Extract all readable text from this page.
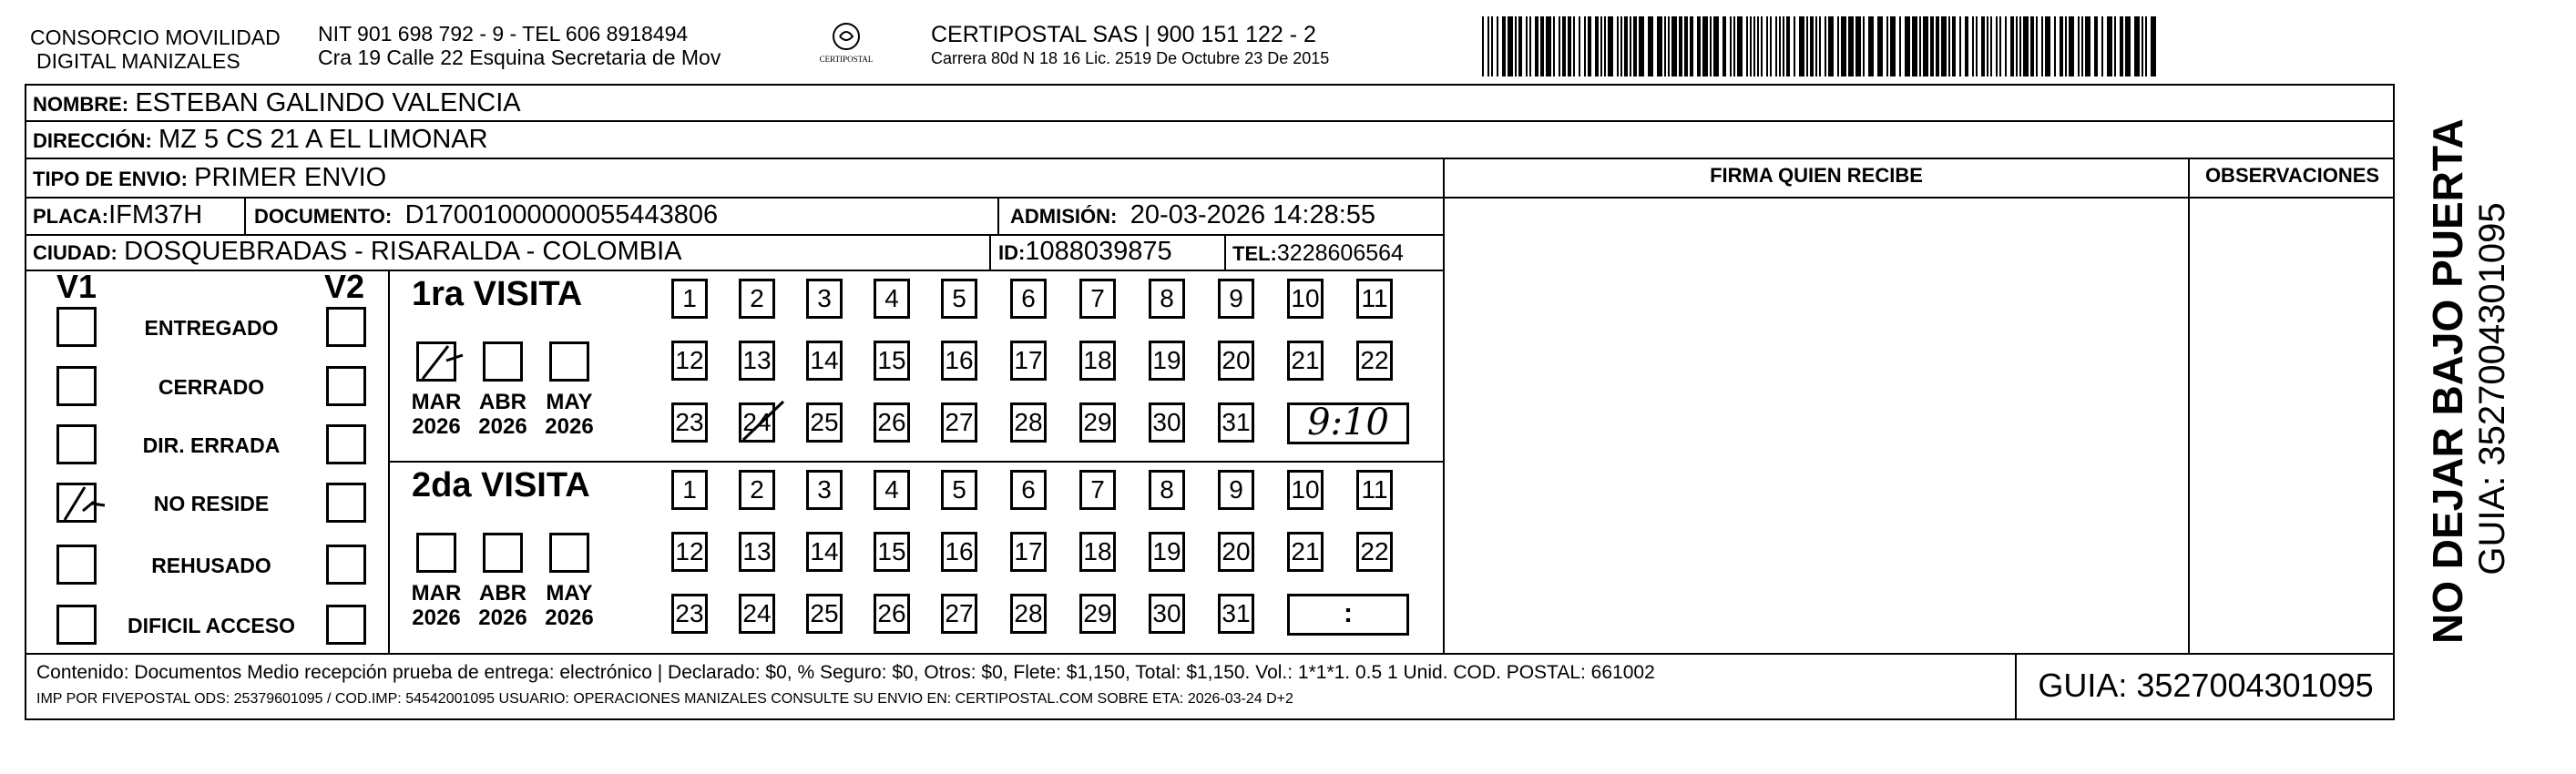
CONSORCIO MOVILIDAD
DIGITAL MANIZALES
NIT 901 698 792 - 9 - TEL 606 8918494
Cra 19 Calle 22 Esquina Secretaria de Mov	CERTIPOSTAL
CERTIPOSTAL SAS | 900 151 122 - 2
Carrera 80d N 18 16 Lic. 2519 De Octubre 23 De 2015
NOMBRE: ESTEBAN GALINDO VALENCIA
DIRECCIÓN: MZ 5 CS 21 A EL LIMONAR
TIPO DE ENVIO: PRIMER ENVIO
PLACA:IFM37H	DOCUMENTO: D17001000000055443806	ADMISIÓN: 20-03-2026 14:28:55
CIUDAD: DOSQUEBRADAS - RISARALDA - COLOMBIA	ID:1088039875	TEL:3228606564
FIRMA QUIEN RECIBE	OBSERVACIONES
V1	V2
ENTREGADO
CERRADO
DIR. ERRADA
NO RESIDE
REHUSADO
DIFICIL ACCESO
1ra VISITA
MAR
2026
ABR
2026
MAY
2026
1	2	3	4	5	6	7	8	9	10 11
12 13 14 15 16 17 18 19 20 21 22
23 24 25 26 27 28 29 30 31	9:10
2da VISITA
MAR
2026
ABR
2026
MAY
2026
1	2	3	4	5	6	7	8	9	10 11
12 13 14 15 16 17 18 19 20 21 22
23 24 25 26 27 28 29 30 31	:
Contenido: Documentos Medio recepción prueba de entrega: electrónico | Declarado: $0, % Seguro: $0, Otros: $0, Flete: $1,150, Total: $1,150. Vol.: 1*1*1. 0.5 1 Unid. COD. POSTAL: 661002
IMP POR FIVEPOSTAL ODS: 25379601095 / COD.IMP: 54542001095 USUARIO: OPERACIONES MANIZALES CONSULTE SU ENVIO EN: CERTIPOSTAL.COM SOBRE ETA: 2026-03-24 D+2	GUIA: 3527004301095
NO DEJAR BAJO PUERTA GUIA: 3527004301095
